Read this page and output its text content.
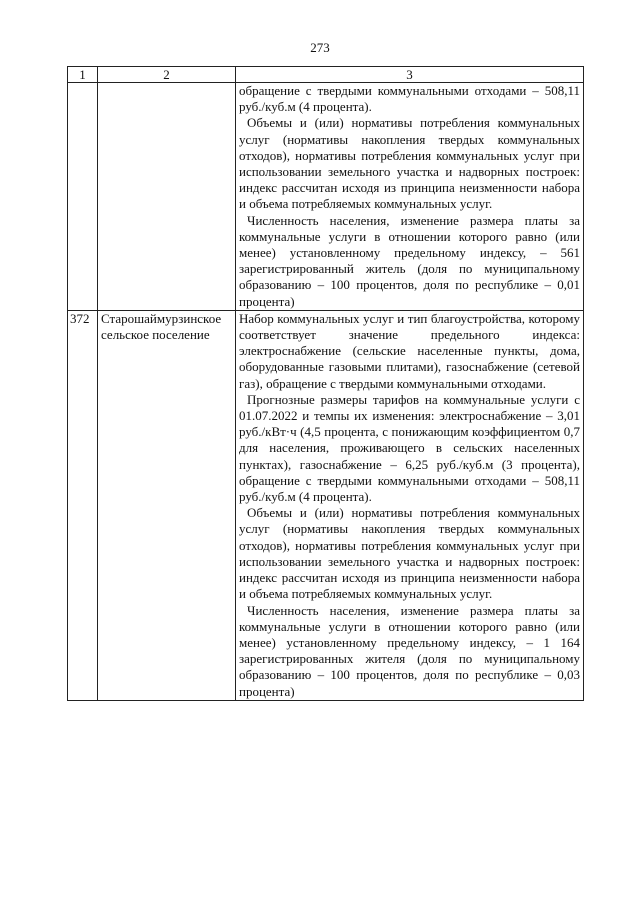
273
1	2	3

		обращение с твердыми коммунальными отходами – 508,11 руб./куб.м (4 процента).

Объемы и (или) нормативы потребления коммунальных услуг (нормативы накопления твердых коммунальных отходов), нормативы потребления коммунальных услуг при использовании земельного участка и надворных построек: индекс рассчитан исходя из принципа неизменности набора и объема потребляемых коммунальных услуг.

Численность населения, изменение размера платы за коммунальные услуги в отношении которого равно (или менее) установленному предельному индексу, – 561 зарегистрированный житель (доля по муниципальному образованию – 100 процентов, доля по республике – 0,01 процента)

372	Старошаймурзинское сельское поселение	Набор коммунальных услуг и тип благоустройства, которому соответствует значение предельного индекса: электроснабжение (сельские населенные пункты, дома, оборудованные газовыми плитами), газоснабжение (сетевой газ), обращение с твердыми коммунальными отходами.

Прогнозные размеры тарифов на коммунальные услуги с 01.07.2022 и темпы их изменения: электроснабжение – 3,01 руб./кВт·ч (4,5 процента, с понижающим коэффициентом 0,7 для населения, проживающего в сельских населенных пунктах), газоснабжение – 6,25 руб./куб.м (3 процента), обращение с твердыми коммунальными отходами – 508,11 руб./куб.м (4 процента).

Объемы и (или) нормативы потребления коммунальных услуг (нормативы накопления твердых коммунальных отходов), нормативы потребления коммунальных услуг при использовании земельного участка и надворных построек: индекс рассчитан исходя из принципа неизменности набора и объема потребляемых коммунальных услуг.

Численность населения, изменение размера платы за коммунальные услуги в отношении которого равно (или менее) установленному предельному индексу, – 1 164 зарегистрированных жителя (доля по муниципальному образованию – 100 процентов, доля по республике – 0,03 процента)
